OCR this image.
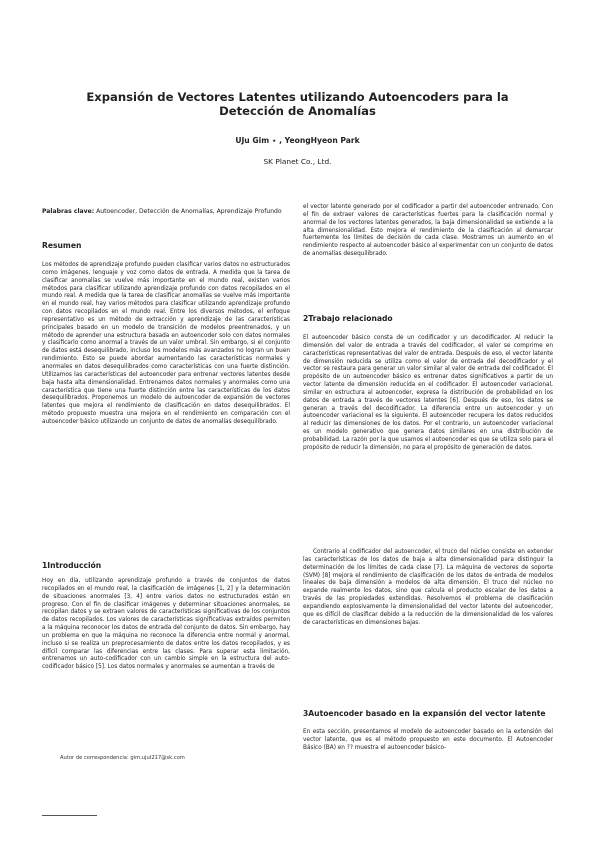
Expansión de Vectores Latentes utilizando Autoencoders para la Detección de Anomalías
UJu Gim ⋆ , YeongHyeon Park
SK Planet Co., Ltd.
Palabras clave: Autoencoder, Detección de Anomalías, Aprendizaje Profundo
Resumen
Los métodos de aprendizaje profundo pueden clasificar varios datos no estructurados como imágenes, lenguaje y voz como datos de entrada. A medida que la tarea de clasificar anomalías se vuelve más importante en el mundo real, existen varios métodos para clasificar utilizando aprendizaje profundo con datos recopilados en el mundo real. A medida que la tarea de clasificar anomalías se vuelve más importante en el mundo real, hay varios métodos para clasificar utilizando aprendizaje profundo con datos recopilados en el mundo real. Entre los diversos métodos, el enfoque representativo es un método de extracción y aprendizaje de las características principales basado en un modelo de transición de modelos preentrenados, y un método de aprender una estructura basada en autoencoder solo con datos normales y clasificarlo como anormal a través de un valor umbral. Sin embargo, si el conjunto de datos está desequilibrado, incluso los modelos más avanzados no logran un buen rendimiento. Esto se puede abordar aumentando las características normales y anormales en datos desequilibrados como características con una fuerte distinción. Utilizamos las características del autoencoder para entrenar vectores latentes desde baja hasta alta dimensionalidad. Entrenamos datos normales y anormales como una característica que tiene una fuerte distinción entre las características de los datos desequilibrados. Proponemos un modelo de autoencoder de expansión de vectores latentes que mejora el rendimiento de clasificación en datos desequilibrados. El método propuesto muestra una mejora en el rendimiento en comparación con el autoencoder básico utilizando un conjunto de datos de anomalías desequilibrado.
1Introducción
Hoy en día, utilizando aprendizaje profundo a través de conjuntos de datos recopilados en el mundo real, la clasificación de imágenes [1, 2] y la determinación de situaciones anormales [3, 4] entre varios datos no estructurados están en progreso. Con el fin de clasificar imágenes y determinar situaciones anormales, se recopilan datos y se extraen valores de características significativas de los conjuntos de datos recopilados. Los valores de características significativas extraídos permiten a la máquina reconocer los datos de entrada del conjunto de datos. Sin embargo, hay un problema en que la máquina no reconoce la diferencia entre normal y anormal, incluso si se realiza un preprocesamiento de datos entre los datos recopilados, y es difícil comparar las diferencias entre las clases. Para superar esta limitación, entrenamos un auto-codificador con un cambio simple en la estructura del auto-codificador básico [5]. Los datos normales y anormales se aumentan a través de
Autor de correspondencia: gim.ujuI217@sk.com
el vector latente generado por el codificador a partir del autoencoder entrenado. Con el fin de extraer valores de características fuertes para la clasificación normal y anormal de los vectores latentes generados, la baja dimensionalidad se extiende a la alta dimensionalidad. Esto mejora el rendimiento de la clasificación al demarcar fuertemente los límites de decisión de cada clase. Mostramos un aumento en el rendimiento respecto al autoencoder básico al experimentar con un conjunto de datos de anomalías desequilibrado.
2Trabajo relacionado
El autoencoder básico consta de un codificador y un decodificador. Al reducir la dimensión del valor de entrada a través del codificador, el valor se comprime en características representativas del valor de entrada. Después de eso, el vector latente de dimensión reducida se utiliza como el valor de entrada del decodificador y el vector se restaura para generar un valor similar al valor de entrada del codificador. El propósito de un autoencoder básico es entrenar datos significativos a partir de un vector latente de dimensión reducida en el codificador. El autoencoder variacional, similar en estructura al autoencoder, expresa la distribución de probabilidad en los datos de entrada a través de vectores latentes [6]. Después de eso, los datos se generan a través del decodificador. La diferencia entre un autoencoder y un autoencoder variacional es la siguiente. El autoencoder recupera los datos reducidos al reducir las dimensiones de los datos. Por el contrario, un autoencoder variacional es un modelo generativo que genera datos similares en una distribución de probabilidad. La razón por la que usamos el autoencoder es que se utiliza solo para el propósito de reducir la dimensión, no para el propósito de generación de datos.
Contrario al codificador del autoencoder, el truco del núcleo consiste en extender las características de los datos de baja a alta dimensionalidad para distinguir la determinación de los límites de cada clase [7]. La máquina de vectores de soporte (SVM) [8] mejora el rendimiento de clasificación de los datos de entrada de modelos lineales de baja dimensión a modelos de alta dimensión. El truco del núcleo no expande realmente los datos, sino que calcula el producto escalar de los datos a través de las propiedades extendidas. Resolvemos el problema de clasificación expandiendo explosivamente la dimensionalidad del vector latente del autoencoder, que es difícil de clasificar debido a la reducción de la dimensionalidad de los valores de características en dimensiones bajas.
3Autoencoder basado en la expansión del vector latente
En esta sección, presentamos el modelo de autoencoder basado en la extensión del vector latente, que es el método propuesto en este documento. El Autoencoder Básico (BA) en ?? muestra el autoencoder básico-
